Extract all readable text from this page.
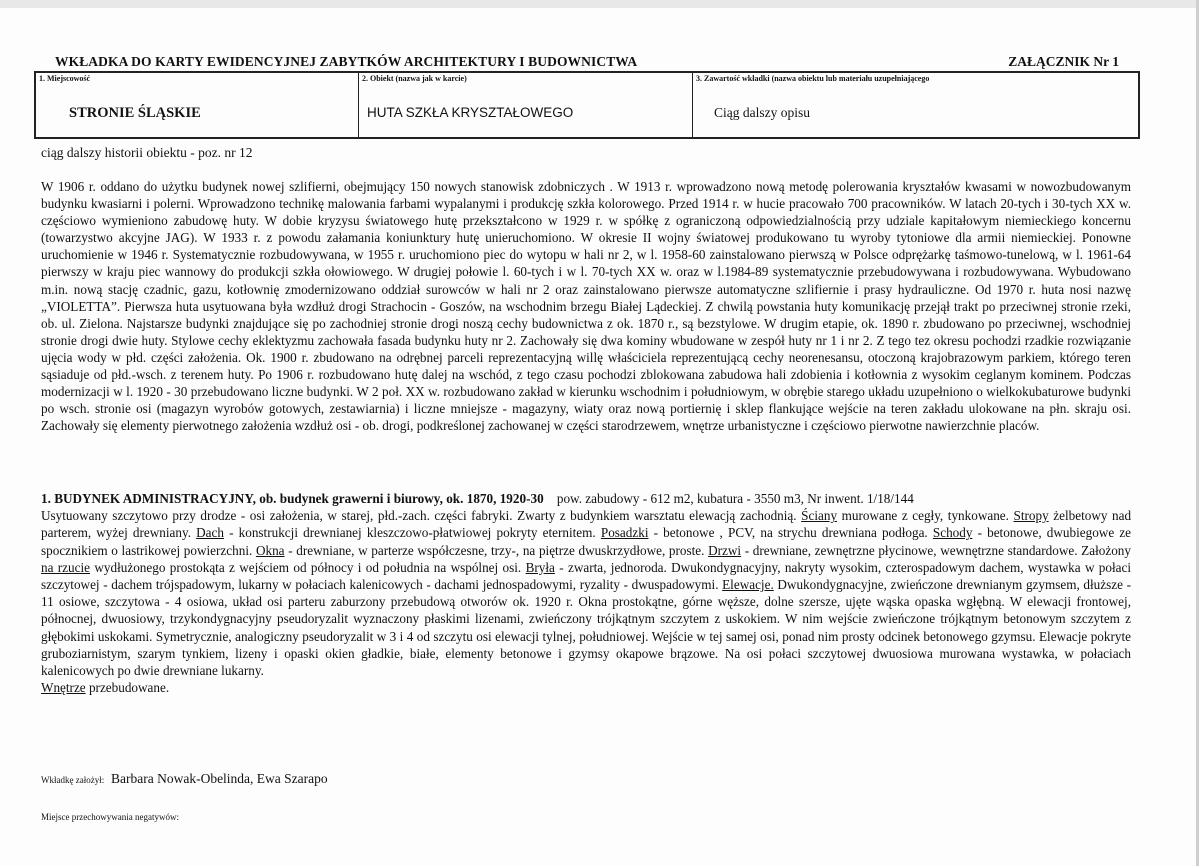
WKŁADKA DO KARTY EWIDENCYJNEJ ZABYTKÓW ARCHITEKTURY I BUDOWNICTWA	ZAŁĄCZNIK Nr 1
1. Miejscowość
STRONIE ŚLĄSKIE
2. Obiekt (nazwa jak w karcie)
HUTA SZKŁA KRYSZTAŁOWEGO
3. Zawartość wkładki (nazwa obiektu lub materiału uzupełniającego
Ciąg dalszy opisu
ciąg dalszy historii obiektu - poz. nr 12

W 1906 r. oddano do użytku budynek nowej szlifierni, obejmujący 150 nowych stanowisk zdobniczych . W 1913 r. wprowadzono nową metodę polerowania kryształów kwasami w nowozbudowanym budynku kwasiarni i polerni. Wprowadzono technikę malowania farbami wypalanymi i produkcję szkła kolorowego. Przed 1914 r. w hucie pracowało 700 pracowników. W latach 20-tych i 30-tych XX w. częściowo wymieniono zabudowę huty. W dobie kryzysu światowego hutę przekształcono w 1929 r. w spółkę z ograniczoną odpowiedzialnością przy udziale kapitałowym niemieckiego koncernu (towarzystwo akcyjne JAG). W 1933 r. z powodu załamania koniunktury hutę unieruchomiono. W okresie II wojny światowej produkowano tu wyroby tytoniowe dla armii niemieckiej. Ponowne uruchomienie w 1946 r. Systematycznie rozbudowywana, w 1955 r. uruchomiono piec do wytopu w hali nr 2, w l. 1958-60 zainstalowano pierwszą w Polsce odprężarkę taśmowo-tunelową, w l. 1961-64 pierwszy w kraju piec wannowy do produkcji szkła ołowiowego. W drugiej połowie l. 60-tych i w l. 70-tych XX w. oraz w l.1984-89 systematycznie przebudowywana i rozbudowywana. Wybudowano m.in. nową stację czadnic, gazu, kotłownię zmodernizowano oddział surowców w hali nr 2 oraz zainstalowano pierwsze automatyczne szlifiernie i prasy hydrauliczne. Od 1970 r. huta nosi nazwę „VIOLETTA”. Pierwsza huta usytuowana była wzdłuż drogi Strachocin - Goszów, na wschodnim brzegu Białej Lądeckiej. Z chwilą powstania huty komunikację przejął trakt po przeciwnej stronie rzeki, ob. ul. Zielona. Najstarsze budynki znajdujące się po zachodniej stronie drogi noszą cechy budownictwa z ok. 1870 r., są bezstylowe. W drugim etapie, ok. 1890 r. zbudowano po przeciwnej, wschodniej stronie drogi dwie huty. Stylowe cechy eklektyzmu zachowała fasada budynku huty nr 2. Zachowały się dwa kominy wbudowane w zespół huty nr 1 i nr 2. Z tego tez okresu pochodzi rzadkie rozwiązanie ujęcia wody w płd. części założenia. Ok. 1900 r. zbudowano na odrębnej parceli reprezentacyjną willę właściciela reprezentującą cechy neorenesansu, otoczoną krajobrazowym parkiem, którego teren sąsiaduje od płd.-wsch. z terenem huty. Po 1906 r. rozbudowano hutę dalej na wschód, z tego czasu pochodzi zblokowana zabudowa hali zdobienia i kotłownia z wysokim ceglanym kominem. Podczas modernizacji w l. 1920 - 30 przebudowano liczne budynki. W 2 poł. XX w. rozbudowano zakład w kierunku wschodnim i południowym, w obrębie starego układu uzupełniono o wielkokubaturowe budynki po wsch. stronie osi (magazyn wyrobów gotowych, zestawiarnia) i liczne mniejsze - magazyny, wiaty oraz nową portiernię i sklep flankujące wejście na teren zakładu ulokowane na płn. skraju osi. Zachowały się elementy pierwotnego założenia wzdłuż osi - ob. drogi, podkreślonej zachowanej w części starodrzewem, wnętrze urbanistyczne i częściowo pierwotne nawierzchnie placów.

1. BUDYNEK ADMINISTRACYJNY, ob. budynek grawerni i biurowy, ok. 1870, 1920-30 pow. zabudowy - 612 m2, kubatura - 3550 m3, Nr inwent. 1/18/144

Usytuowany szczytowo przy drodze - osi założenia, w starej, płd.-zach. części fabryki. Zwarty z budynkiem warsztatu elewacją zachodnią. Ściany murowane z cegły, tynkowane. Stropy żelbetowy nad parterem, wyżej drewniany. Dach - konstrukcji drewnianej kleszczowo-płatwiowej pokryty eternitem. Posadzki - betonowe , PCV, na strychu drewniana podłoga. Schody - betonowe, dwubiegowe ze spocznikiem o lastrikowej powierzchni. Okna - drewniane, w parterze współczesne, trzy-, na piętrze dwuskrzydłowe, proste. Drzwi - drewniane, zewnętrzne płycinowe, wewnętrzne standardowe. Założony na rzucie wydłużonego prostokąta z wejściem od północy i od południa na wspólnej osi. Bryła - zwarta, jednoroda. Dwukondygnacyjny, nakryty wysokim, czterospadowym dachem, wystawka w połaci szczytowej - dachem trójspadowym, lukarny w połaciach kalenicowych - dachami jednospadowymi, ryzality - dwuspadowymi. Elewacje. Dwukondygnacyjne, zwieńczone drewnianym gzymsem, dłuższe - 11 osiowe, szczytowa - 4 osiowa, układ osi parteru zaburzony przebudową otworów ok. 1920 r. Okna prostokątne, górne węższe, dolne szersze, ujęte wąska opaska wgłębną. W elewacji frontowej, północnej, dwuosiowy, trzykondygnacyjny pseudoryzalit wyznaczony płaskimi lizenami, zwieńczony trójkątnym szczytem z uskokiem. W nim wejście zwieńczone trójkątnym betonowym szczytem z głębokimi uskokami. Symetrycznie, analogiczny pseudoryzalit w 3 i 4 od szczytu osi elewacji tylnej, południowej. Wejście w tej samej osi, ponad nim prosty odcinek betonowego gzymsu. Elewacje pokryte gruboziarnistym, szarym tynkiem, lizeny i opaski okien gładkie, białe, elementy betonowe i gzymsy okapowe brązowe. Na osi połaci szczytowej dwuosiowa murowana wystawka, w połaciach kalenicowych po dwie drewniane lukarny.
Wnętrze przebudowane.

Wkładkę założył: Barbara Nowak-Obelinda, Ewa Szarapo
Miejsce przechowywania negatywów:
